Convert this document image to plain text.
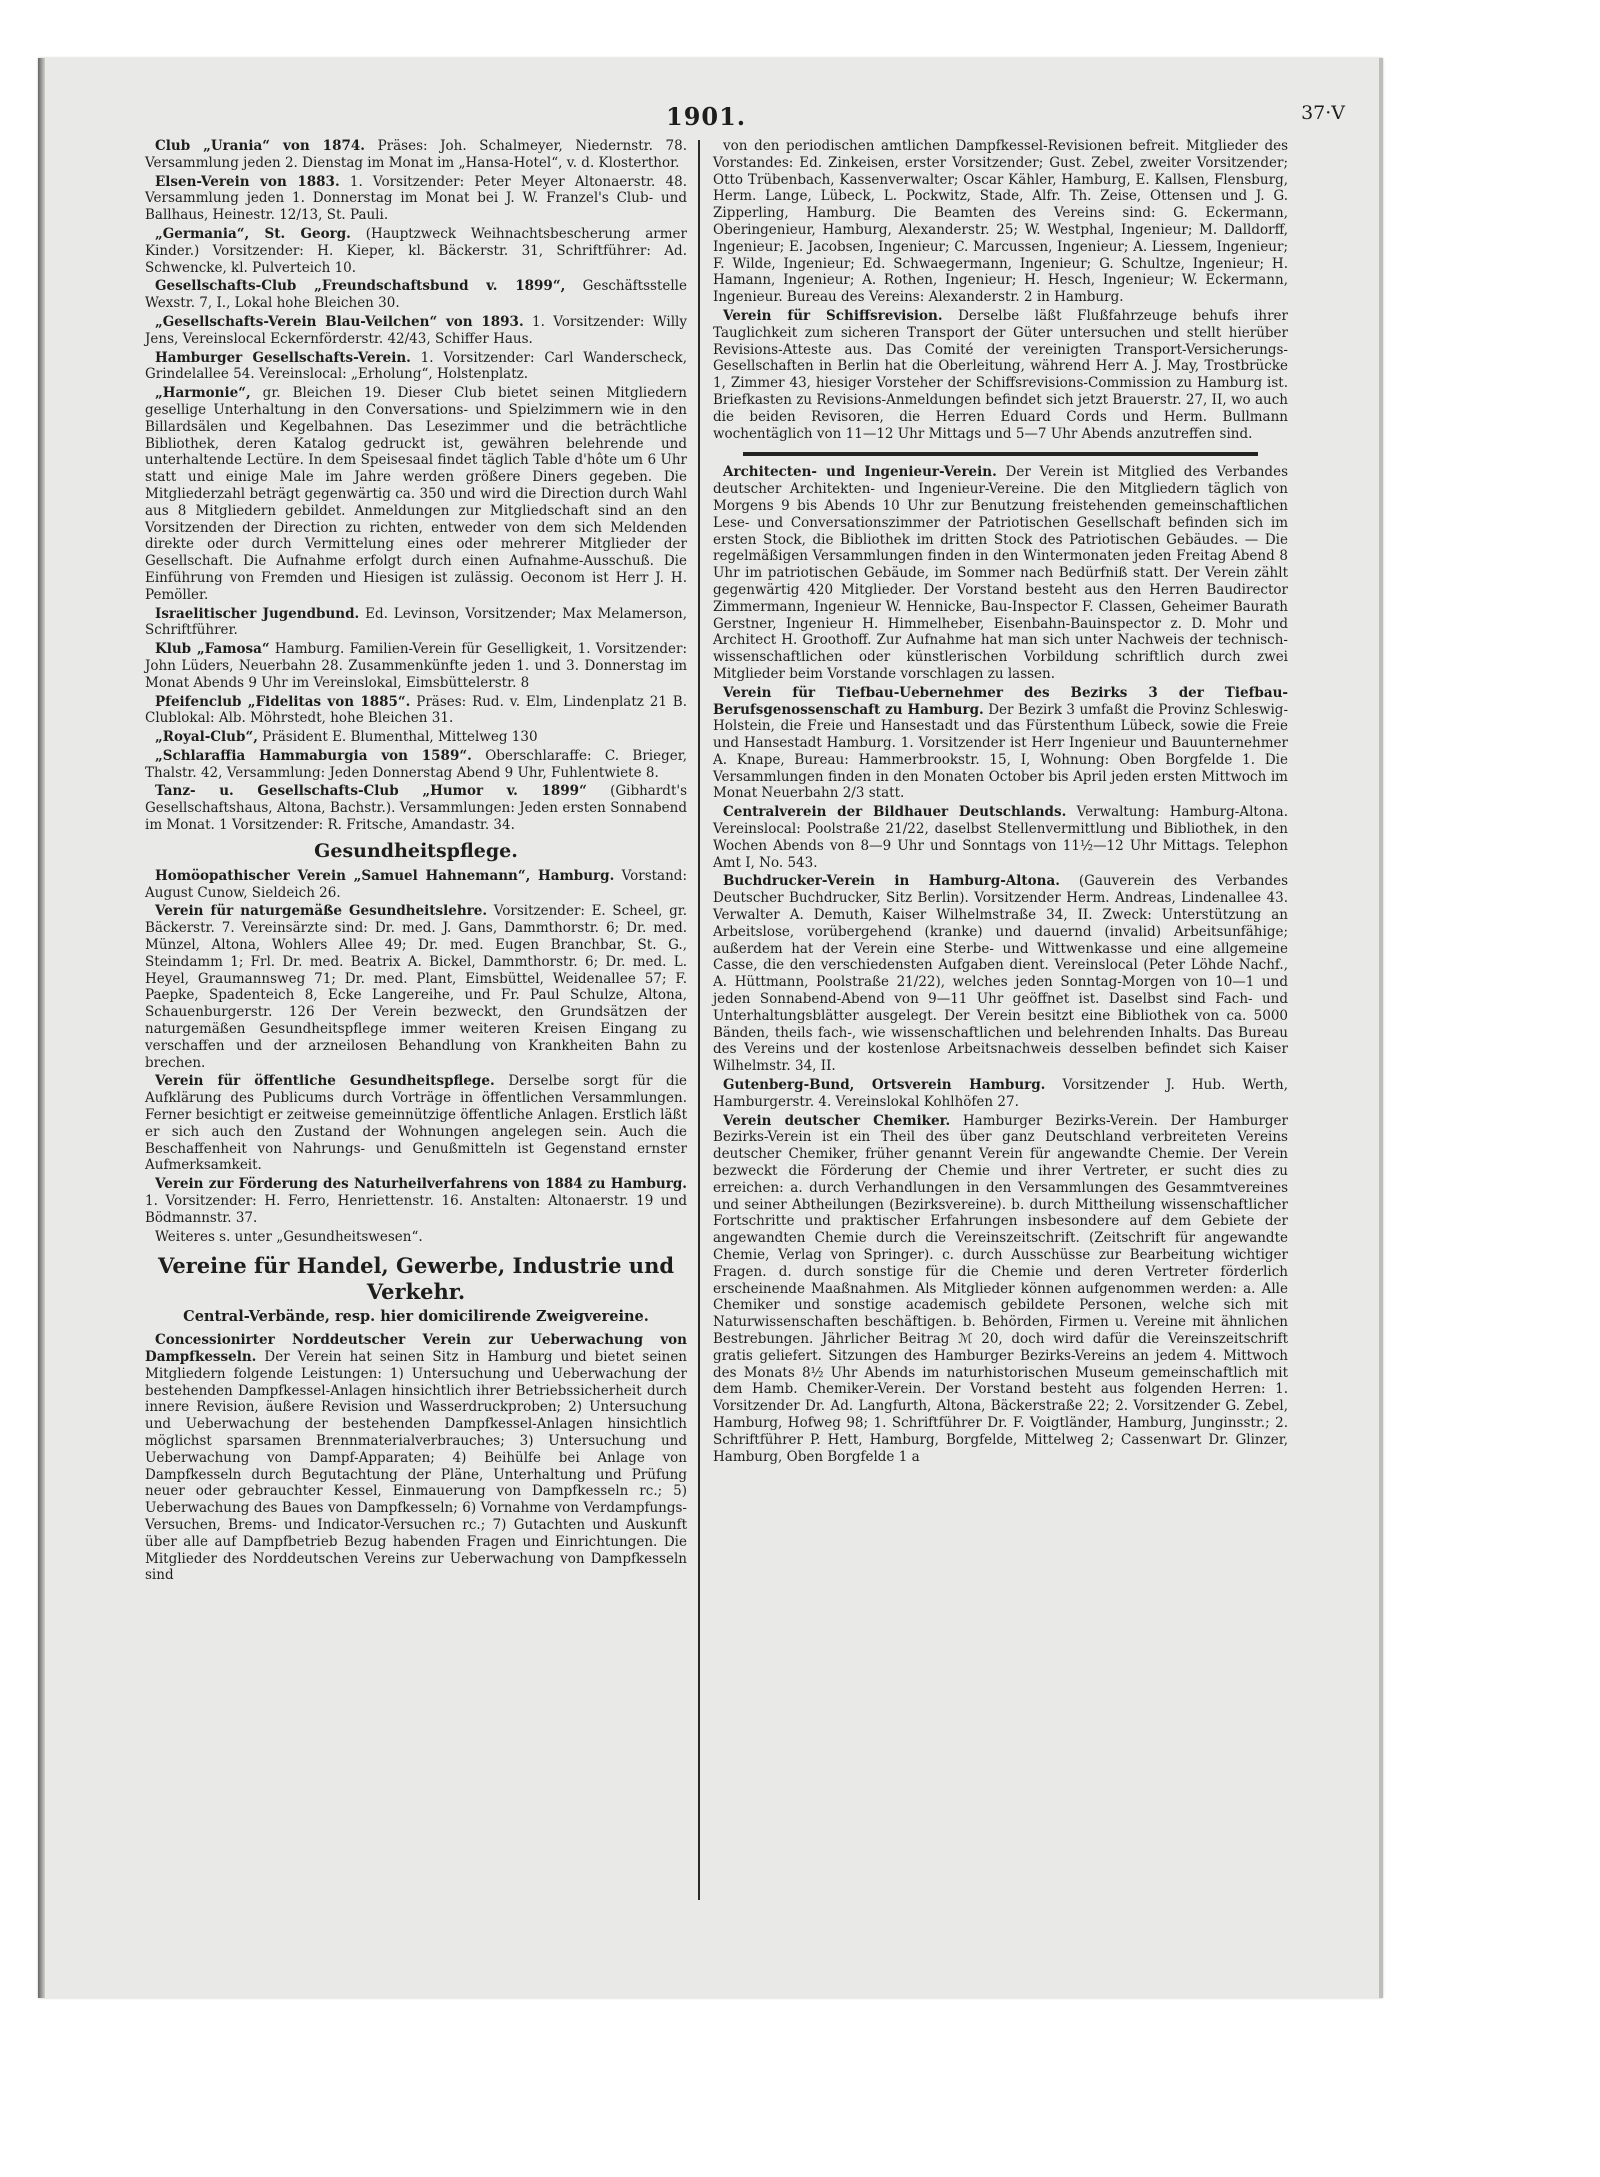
1901.	37·V

Club „Urania“ von 1874. Präses: Joh. Schalmeyer, Niedernstr. 78. Versammlung jeden 2. Dienstag im Monat im „Hansa-Hotel“, v. d. Klosterthor.

Elsen-Verein von 1883. 1. Vorsitzender: Peter Meyer Altonaerstr. 48. Versammlung jeden 1. Donnerstag im Monat bei J. W. Franzel's Club- und Ballhaus, Heinestr. 12/13, St. Pauli.

„Germania“, St. Georg. (Hauptzweck Weihnachtsbescherung armer Kinder.) Vorsitzender: H. Kieper, kl. Bäckerstr. 31, Schriftführer: Ad. Schwencke, kl. Pulverteich 10.

Gesellschafts-Club „Freundschaftsbund v. 1899“, Geschäftsstelle Wexstr. 7, I., Lokal hohe Bleichen 30.

„Gesellschafts-Verein Blau-Veilchen“ von 1893. 1. Vorsitzender: Willy Jens, Vereinslocal Eckernförderstr. 42/43, Schiffer Haus.

Hamburger Gesellschafts-Verein. 1. Vorsitzender: Carl Wanderscheck, Grindelallee 54. Vereinslocal: „Erholung“, Holstenplatz.

„Harmonie“, gr. Bleichen 19. Dieser Club bietet seinen Mitgliedern gesellige Unterhaltung in den Conversations- und Spielzimmern wie in den Billardsälen und Kegelbahnen. Das Lesezimmer und die beträchtliche Bibliothek, deren Katalog gedruckt ist, gewähren belehrende und unterhaltende Lectüre. In dem Speisesaal findet täglich Table d'hôte um 6 Uhr statt und einige Male im Jahre werden größere Diners gegeben. Die Mitgliederzahl beträgt gegenwärtig ca. 350 und wird die Direction durch Wahl aus 8 Mitgliedern gebildet. Anmeldungen zur Mitgliedschaft sind an den Vorsitzenden der Direction zu richten, entweder von dem sich Meldenden direkte oder durch Vermittelung eines oder mehrerer Mitglieder der Gesellschaft. Die Aufnahme erfolgt durch einen Aufnahme-Ausschuß. Die Einführung von Fremden und Hiesigen ist zulässig. Oeconom ist Herr J. H. Pemöller.

Israelitischer Jugendbund. Ed. Levinson, Vorsitzender; Max Melamerson, Schriftführer.

Klub „Famosa“ Hamburg. Familien-Verein für Geselligkeit, 1. Vorsitzender: John Lüders, Neuerbahn 28. Zusammenkünfte jeden 1. und 3. Donnerstag im Monat Abends 9 Uhr im Vereinslokal, Eimsbüttelerstr. 8

Pfeifenclub „Fidelitas von 1885“. Präses: Rud. v. Elm, Lindenplatz 21 B. Clublokal: Alb. Möhrstedt, hohe Bleichen 31.

„Royal-Club“, Präsident E. Blumenthal, Mittelweg 130

„Schlaraffia Hammaburgia von 1589“. Oberschlaraffe: C. Brieger, Thalstr. 42, Versammlung: Jeden Donnerstag Abend 9 Uhr, Fuhlentwiete 8.

Tanz- u. Gesellschafts-Club „Humor v. 1899“ (Gibhardt's Gesellschaftshaus, Altona, Bachstr.). Versammlungen: Jeden ersten Sonnabend im Monat. 1 Vorsitzender: R. Fritsche, Amandastr. 34.

Gesundheitspflege.

Homöopathischer Verein „Samuel Hahnemann“, Hamburg. Vorstand: August Cunow, Sieldeich 26.

Verein für naturgemäße Gesundheitslehre. Vorsitzender: E. Scheel, gr. Bäckerstr. 7. Vereinsärzte sind: Dr. med. J. Gans, Dammthorstr. 6; Dr. med. Münzel, Altona, Wohlers Allee 49; Dr. med. Eugen Branchbar, St. G., Steindamm 1; Frl. Dr. med. Beatrix A. Bickel, Dammthorstr. 6; Dr. med. L. Heyel, Graumannsweg 71; Dr. med. Plant, Eimsbüttel, Weidenallee 57; F. Paepke, Spadenteich 8, Ecke Langereihe, und Fr. Paul Schulze, Altona, Schauenburgerstr. 126 Der Verein bezweckt, den Grundsätzen der naturgemäßen Gesundheitspflege immer weiteren Kreisen Eingang zu verschaffen und der arzneilosen Behandlung von Krankheiten Bahn zu brechen.

Verein für öffentliche Gesundheitspflege. Derselbe sorgt für die Aufklärung des Publicums durch Vorträge in öffentlichen Versammlungen. Ferner besichtigt er zeitweise gemeinnützige öffentliche Anlagen. Erstlich läßt er sich auch den Zustand der Wohnungen angelegen sein. Auch die Beschaffenheit von Nahrungs- und Genußmitteln ist Gegenstand ernster Aufmerksamkeit.

Verein zur Förderung des Naturheilverfahrens von 1884 zu Hamburg. 1. Vorsitzender: H. Ferro, Henriettenstr. 16. Anstalten: Altonaerstr. 19 und Bödmannstr. 37.

Weiteres s. unter „Gesundheitswesen“.

Vereine für Handel, Gewerbe, Industrie und Verkehr.
Central-Verbände, resp. hier domicilirende Zweigvereine.

Concessionirter Norddeutscher Verein zur Ueberwachung von Dampfkesseln. Der Verein hat seinen Sitz in Hamburg und bietet seinen Mitgliedern folgende Leistungen: 1) Untersuchung und Ueberwachung der bestehenden Dampfkessel-Anlagen hinsichtlich ihrer Betriebssicherheit durch innere Revision, äußere Revision und Wasserdruckproben; 2) Untersuchung und Ueberwachung der bestehenden Dampfkessel-Anlagen hinsichtlich möglichst sparsamen Brennmaterialverbrauches; 3) Untersuchung und Ueberwachung von Dampf-Apparaten; 4) Beihülfe bei Anlage von Dampfkesseln durch Begutachtung der Pläne, Unterhaltung und Prüfung neuer oder gebrauchter Kessel, Einmauerung von Dampfkesseln rc.; 5) Ueberwachung des Baues von Dampfkesseln; 6) Vornahme von Verdampfungs-Versuchen, Brems- und Indicator-Versuchen rc.; 7) Gutachten und Auskunft über alle auf Dampfbetrieb Bezug habenden Fragen und Einrichtungen. Die Mitglieder des Norddeutschen Vereins zur Ueberwachung von Dampfkesseln sind

von den periodischen amtlichen Dampfkessel-Revisionen befreit. Mitglieder des Vorstandes: Ed. Zinkeisen, erster Vorsitzender; Gust. Zebel, zweiter Vorsitzender; Otto Trübenbach, Kassenverwalter; Oscar Kähler, Hamburg, E. Kallsen, Flensburg, Herm. Lange, Lübeck, L. Pockwitz, Stade, Alfr. Th. Zeise, Ottensen und J. G. Zipperling, Hamburg. Die Beamten des Vereins sind: G. Eckermann, Oberingenieur, Hamburg, Alexanderstr. 25; W. Westphal, Ingenieur; M. Dalldorff, Ingenieur; E. Jacobsen, Ingenieur; C. Marcussen, Ingenieur; A. Liessem, Ingenieur; F. Wilde, Ingenieur; Ed. Schwaegermann, Ingenieur; G. Schultze, Ingenieur; H. Hamann, Ingenieur; A. Rothen, Ingenieur; H. Hesch, Ingenieur; W. Eckermann, Ingenieur. Bureau des Vereins: Alexanderstr. 2 in Hamburg.

Verein für Schiffsrevision. Derselbe läßt Flußfahrzeuge behufs ihrer Tauglichkeit zum sicheren Transport der Güter untersuchen und stellt hierüber Revisions-Atteste aus. Das Comité der vereinigten Transport-Versicherungs-Gesellschaften in Berlin hat die Oberleitung, während Herr A. J. May, Trostbrücke 1, Zimmer 43, hiesiger Vorsteher der Schiffsrevisions-Commission zu Hamburg ist. Briefkasten zu Revisions-Anmeldungen befindet sich jetzt Brauerstr. 27, II, wo auch die beiden Revisoren, die Herren Eduard Cords und Herm. Bullmann wochentäglich von 11—12 Uhr Mittags und 5—7 Uhr Abends anzutreffen sind.

Architecten- und Ingenieur-Verein. Der Verein ist Mitglied des Verbandes deutscher Architekten- und Ingenieur-Vereine. Die den Mitgliedern täglich von Morgens 9 bis Abends 10 Uhr zur Benutzung freistehenden gemeinschaftlichen Lese- und Conversationszimmer der Patriotischen Gesellschaft befinden sich im ersten Stock, die Bibliothek im dritten Stock des Patriotischen Gebäudes. — Die regelmäßigen Versammlungen finden in den Wintermonaten jeden Freitag Abend 8 Uhr im patriotischen Gebäude, im Sommer nach Bedürfniß statt. Der Verein zählt gegenwärtig 420 Mitglieder. Der Vorstand besteht aus den Herren Baudirector Zimmermann, Ingenieur W. Hennicke, Bau-Inspector F. Classen, Geheimer Baurath Gerstner, Ingenieur H. Himmelheber, Eisenbahn-Bauinspector z. D. Mohr und Architect H. Groothoff. Zur Aufnahme hat man sich unter Nachweis der technisch-wissenschaftlichen oder künstlerischen Vorbildung schriftlich durch zwei Mitglieder beim Vorstande vorschlagen zu lassen.

Verein für Tiefbau-Uebernehmer des Bezirks 3 der Tiefbau-Berufsgenossenschaft zu Hamburg. Der Bezirk 3 umfaßt die Provinz Schleswig-Holstein, die Freie und Hansestadt und das Fürstenthum Lübeck, sowie die Freie und Hansestadt Hamburg. 1. Vorsitzender ist Herr Ingenieur und Bauunternehmer A. Knape, Bureau: Hammerbrookstr. 15, I, Wohnung: Oben Borgfelde 1. Die Versammlungen finden in den Monaten October bis April jeden ersten Mittwoch im Monat Neuerbahn 2/3 statt.

Centralverein der Bildhauer Deutschlands. Verwaltung: Hamburg-Altona. Vereinslocal: Poolstraße 21/22, daselbst Stellenvermittlung und Bibliothek, in den Wochen Abends von 8—9 Uhr und Sonntags von 11½—12 Uhr Mittags. Telephon Amt I, No. 543.

Buchdrucker-Verein in Hamburg-Altona. (Gauverein des Verbandes Deutscher Buchdrucker, Sitz Berlin). Vorsitzender Herm. Andreas, Lindenallee 43. Verwalter A. Demuth, Kaiser Wilhelmstraße 34, II. Zweck: Unterstützung an Arbeitslose, vorübergehend (kranke) und dauernd (invalid) Arbeitsunfähige; außerdem hat der Verein eine Sterbe- und Wittwenkasse und eine allgemeine Casse, die den verschiedensten Aufgaben dient. Vereinslocal (Peter Löhde Nachf., A. Hüttmann, Poolstraße 21/22), welches jeden Sonntag-Morgen von 10—1 und jeden Sonnabend-Abend von 9—11 Uhr geöffnet ist. Daselbst sind Fach- und Unterhaltungsblätter ausgelegt. Der Verein besitzt eine Bibliothek von ca. 5000 Bänden, theils fach-, wie wissenschaftlichen und belehrenden Inhalts. Das Bureau des Vereins und der kostenlose Arbeitsnachweis desselben befindet sich Kaiser Wilhelmstr. 34, II.

Gutenberg-Bund, Ortsverein Hamburg. Vorsitzender J. Hub. Werth, Hamburgerstr. 4. Vereinslokal Kohlhöfen 27.

Verein deutscher Chemiker. Hamburger Bezirks-Verein. Der Hamburger Bezirks-Verein ist ein Theil des über ganz Deutschland verbreiteten Vereins deutscher Chemiker, früher genannt Verein für angewandte Chemie. Der Verein bezweckt die Förderung der Chemie und ihrer Vertreter, er sucht dies zu erreichen: a. durch Verhandlungen in den Versammlungen des Gesammtvereines und seiner Abtheilungen (Bezirksvereine). b. durch Mittheilung wissenschaftlicher Fortschritte und praktischer Erfahrungen insbesondere auf dem Gebiete der angewandten Chemie durch die Vereinszeitschrift. (Zeitschrift für angewandte Chemie, Verlag von Springer). c. durch Ausschüsse zur Bearbeitung wichtiger Fragen. d. durch sonstige für die Chemie und deren Vertreter förderlich erscheinende Maaßnahmen. Als Mitglieder können aufgenommen werden: a. Alle Chemiker und sonstige academisch gebildete Personen, welche sich mit Naturwissenschaften beschäftigen. b. Behörden, Firmen u. Vereine mit ähnlichen Bestrebungen. Jährlicher Beitrag ℳ 20, doch wird dafür die Vereinszeitschrift gratis geliefert. Sitzungen des Hamburger Bezirks-Vereins an jedem 4. Mittwoch des Monats 8½ Uhr Abends im naturhistorischen Museum gemeinschaftlich mit dem Hamb. Chemiker-Verein. Der Vorstand besteht aus folgenden Herren: 1. Vorsitzender Dr. Ad. Langfurth, Altona, Bäckerstraße 22; 2. Vorsitzender G. Zebel, Hamburg, Hofweg 98; 1. Schriftführer Dr. F. Voigtländer, Hamburg, Junginsstr.; 2. Schriftführer P. Hett, Hamburg, Borgfelde, Mittelweg 2; Cassenwart Dr. Glinzer, Hamburg, Oben Borgfelde 1 a
